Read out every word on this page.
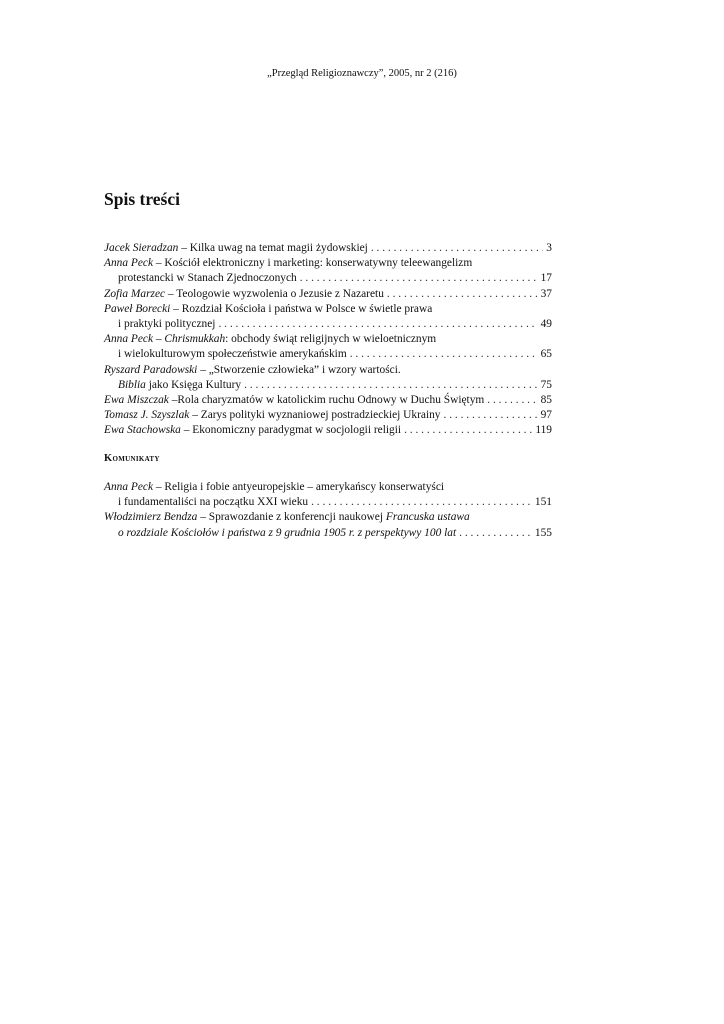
„Przegląd Religioznawczy”, 2005, nr 2 (216)
Spis treści
Jacek Sieradzan – Kilka uwag na temat magii żydowskiej . . .	3
Anna Peck – Kościół elektroniczny i marketing: konserwatywny teleewangelizm
protestancki w Stanach Zjednoczonych . . .	17
Zofia Marzec – Teologowie wyzwolenia o Jezusie z Nazaretu . . .	37
Paweł Borecki – Rozdział Kościoła i państwa w Polsce w świetle prawa
i praktyki politycznej . . .	49
Anna Peck – Chrismukkah: obchody świąt religijnych w wieloetnicznym
i wielokulturowym społeczeństwie amerykańskim . . .	65
Ryszard Paradowski – „Stworzenie człowieka” i wzory wartości.
Biblia jako Księga Kultury . . .	75
Ewa Miszczak –Rola charyzmatów w katolickim ruchu Odnowy w Duchu Świętym . . .	85
Tomasz J. Szyszlak – Zarys polityki wyznaniowej postradzieckiej Ukrainy . . .	97
Ewa Stachowska – Ekonomiczny paradygmat w socjologii religii . . .	119
Komunikaty
Anna Peck – Religia i fobie antyeuropejskie – amerykańscy konserwatyści
i fundamentaliści na początku XXI wieku . . .	151
Włodzimierz Bendza – Sprawozdanie z konferencji naukowej Francuska ustawa
o rozdziale Kościołów i państwa z 9 grudnia 1905 r. z perspektywy 100 lat . . .	155
